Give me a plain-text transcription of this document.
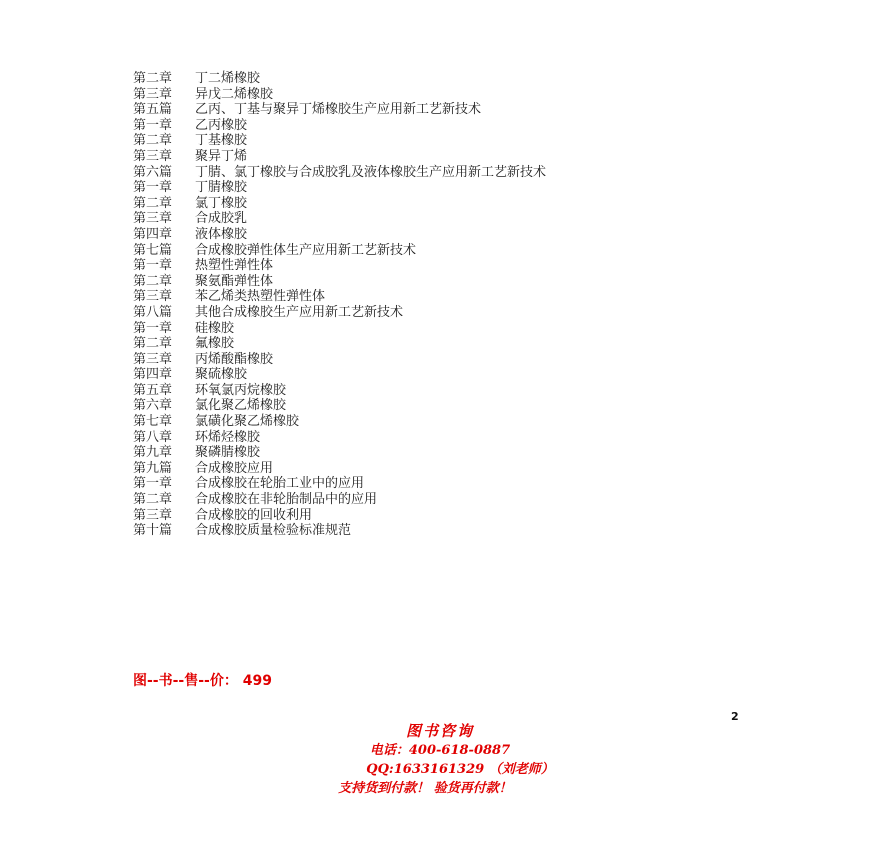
第二章 丁二烯橡胶
第三章 异戊二烯橡胶
第五篇 乙丙、丁基与聚异丁烯橡胶生产应用新工艺新技术
第一章 乙丙橡胶
第二章 丁基橡胶
第三章 聚异丁烯
第六篇 丁腈、氯丁橡胶与合成胶乳及液体橡胶生产应用新工艺新技术
第一章 丁腈橡胶
第二章 氯丁橡胶
第三章 合成胶乳
第四章 液体橡胶
第七篇 合成橡胶弹性体生产应用新工艺新技术
第一章 热塑性弹性体
第二章 聚氨酯弹性体
第三章 苯乙烯类热塑性弹性体
第八篇 其他合成橡胶生产应用新工艺新技术
第一章 硅橡胶
第二章 氟橡胶
第三章 丙烯酸酯橡胶
第四章 聚硫橡胶
第五章 环氧氯丙烷橡胶
第六章 氯化聚乙烯橡胶
第七章 氯磺化聚乙烯橡胶
第八章 环烯烃橡胶
第九章 聚磷腈橡胶
第九篇 合成橡胶应用
第一章 合成橡胶在轮胎工业中的应用
第二章 合成橡胶在非轮胎制品中的应用
第三章 合成橡胶的回收利用
第十篇 合成橡胶质量检验标准规范
图--书--售--价： 499
2
图书咨询
电话：400-618-0887
QQ:1633161329 （刘老师）
支持货到付款！ 验货再付款！
